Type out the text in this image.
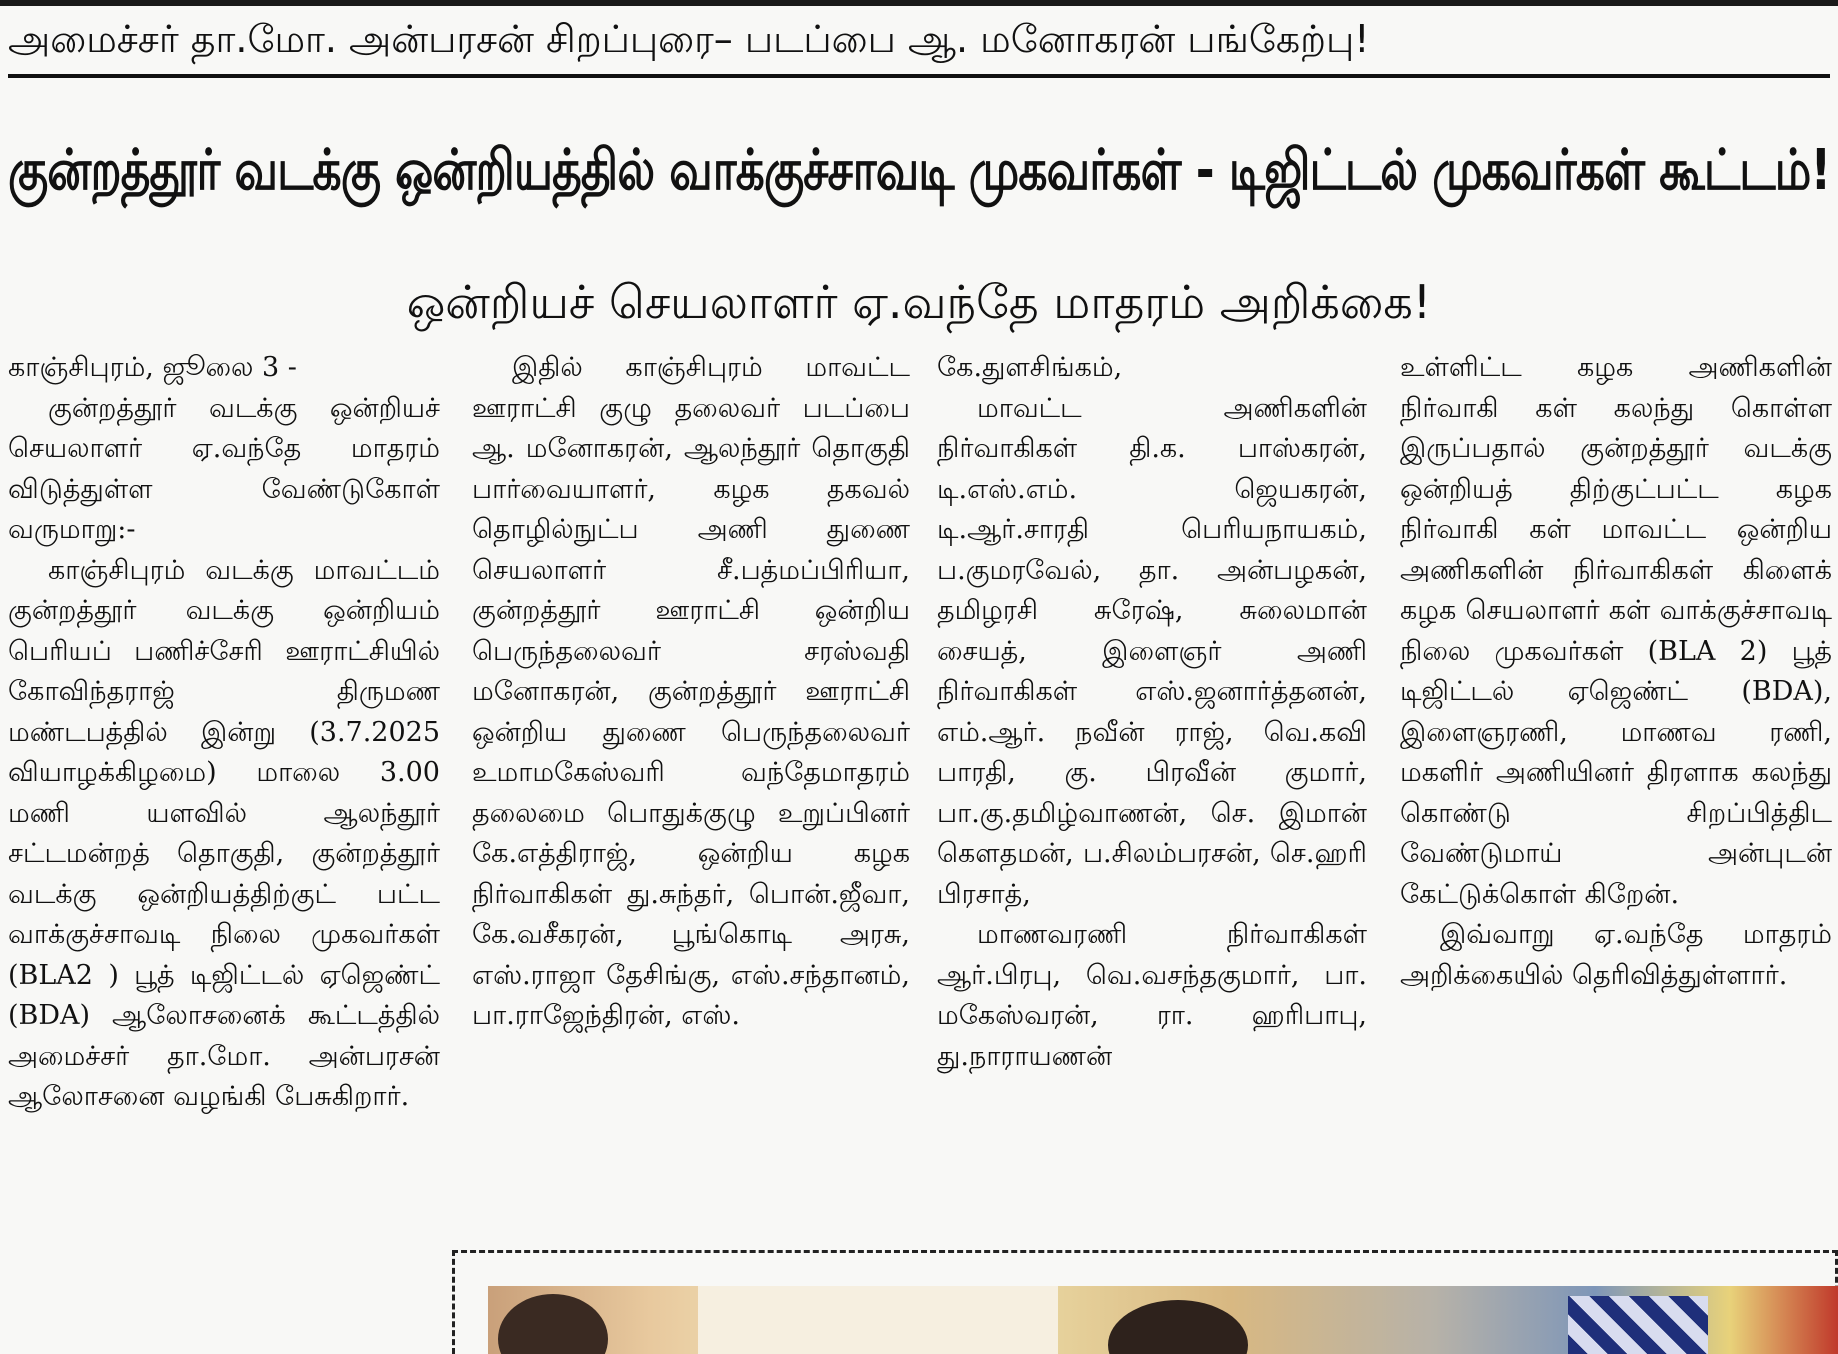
அமைச்சர் தா.மோ. அன்பரசன் சிறப்புரை– படப்பை ஆ. மனோகரன் பங்கேற்பு!
குன்றத்தூர் வடக்கு ஒன்றியத்தில் வாக்குச்சாவடி முகவர்கள் - டிஜிட்டல் முகவர்கள் கூட்டம்!
ஒன்றியச் செயலாளர் ஏ.வந்தே மாதரம் அறிக்கை!

காஞ்சிபுரம், ஜூலை 3 -

குன்றத்தூர் வடக்கு ஒன்றியச் செயலாளர் ஏ.வந்தே மாதரம் விடுத்துள்ள வேண்டுகோள் வருமாறு:-

காஞ்சிபுரம் வடக்கு மாவட்டம் குன்றத்தூர் வடக்கு ஒன்றியம் பெரியப் பணிச்சேரி ஊராட்சியில் கோவிந்தராஜ் திருமண மண்டபத்தில் இன்று (3.7.2025 வியாழக்கிழமை) மாலை 3.00 மணி யளவில் ஆலந்தூர் சட்டமன்றத் தொகுதி, குன்றத்தூர் வடக்கு ஒன்றியத்திற்குட் பட்ட வாக்குச்சாவடி நிலை முகவர்கள் (BLA2 ) பூத் டிஜிட்டல் ஏஜெண்ட் (BDA) ஆலோசனைக் கூட்டத்தில் அமைச்சர் தா.மோ. அன்பரசன் ஆலோசனை வழங்கி பேசுகிறார்.

இதில் காஞ்சிபுரம் மாவட்ட ஊராட்சி குழு தலைவர் படப்பை ஆ. மனோகரன், ஆலந்தூர் தொகுதி பார்வையாளர், கழக தகவல் தொழில்நுட்ப அணி துணை செயலாளர் சீ.பத்மப்பிரியா, குன்றத்தூர் ஊராட்சி ஒன்றிய பெருந்தலைவர் சரஸ்வதி மனோகரன், குன்றத்தூர் ஊராட்சி ஒன்றிய துணை பெருந்தலைவர் உமாமகேஸ்வரி வந்தேமாதரம் தலைமை பொதுக்குழு உறுப்பினர் கே.எத்திராஜ், ஒன்றிய கழக நிர்வாகிகள் து.சுந்தர், பொன்.ஜீவா, கே.வசீகரன், பூங்கொடி அரசு, எஸ்.ராஜா தேசிங்கு, எஸ்.சந்தானம், பா.ராஜேந்திரன், எஸ்.

கே.துளசிங்கம்,

மாவட்ட அணிகளின் நிர்வாகிகள் தி.க. பாஸ்கரன், டி.எஸ்.எம். ஜெயகரன், டி.ஆர்.சாரதி பெரியநாயகம், ப.குமரவேல், தா. அன்பழகன், தமிழரசி சுரேஷ், சுலைமான் சையத், இளைஞர் அணி நிர்வாகிகள் எஸ்.ஜனார்த்தனன், எம்.ஆர். நவீன் ராஜ், வெ.கவி பாரதி, கு. பிரவீன் குமார், பா.கு.தமிழ்வாணன், செ. இமான் கௌதமன், ப.சிலம்பரசன், செ.ஹரி பிரசாத்,

மாணவரணி நிர்வாகிகள் ஆர்.பிரபு, வெ.வசந்தகுமார், பா. மகேஸ்வரன், ரா. ஹரிபாபு, து.நாராயணன்

உள்ளிட்ட கழக அணிகளின் நிர்வாகி கள் கலந்து கொள்ள இருப்பதால் குன்றத்தூர் வடக்கு ஒன்றியத் திற்குட்பட்ட கழக நிர்வாகி கள் மாவட்ட ஒன்றிய அணிகளின் நிர்வாகிகள் கிளைக் கழக செயலாளர் கள் வாக்குச்சாவடி நிலை முகவர்கள் (BLA 2) பூத் டிஜிட்டல் ஏஜெண்ட் (BDA), இளைஞரணி, மாணவ ரணி, மகளிர் அணியினர் திரளாக கலந்து கொண்டு சிறப்பித்திட வேண்டுமாய் அன்புடன் கேட்டுக்கொள் கிறேன்.

இவ்வாறு ஏ.வந்தே மாதரம் அறிக்கையில் தெரிவித்துள்ளார்.
